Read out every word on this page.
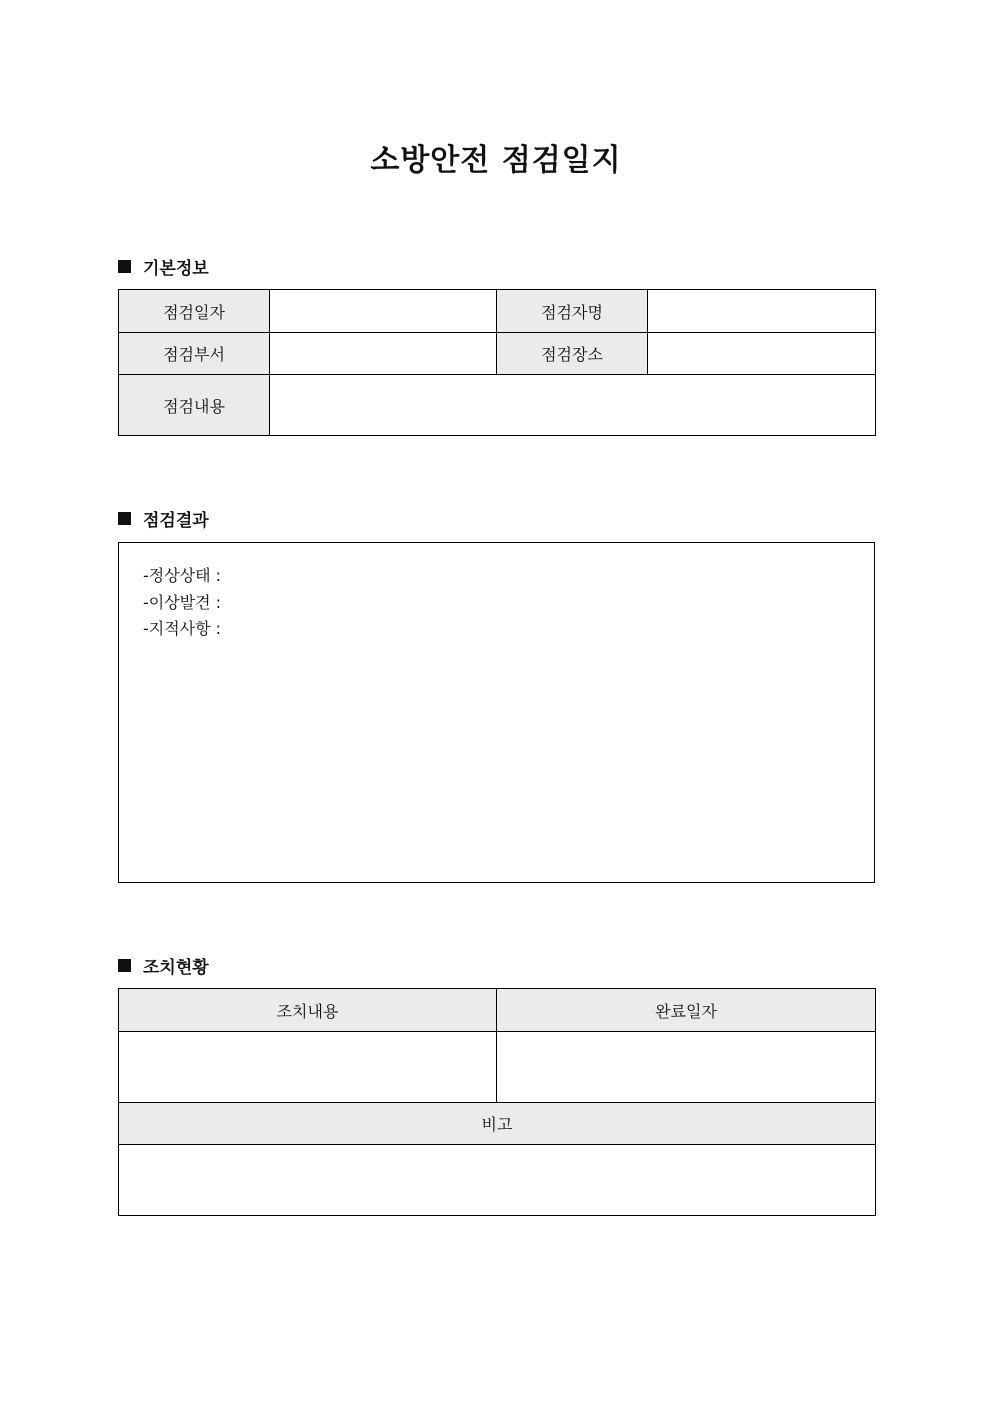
소방안전 점검일지
기본정보
점검일자		점검자명	
점검부서		점검장소	
점검내용			
점검결과
-정상상태 :
-이상발견 :
-지적사항 :
조치현황
조치내용	완료일자

비고	
